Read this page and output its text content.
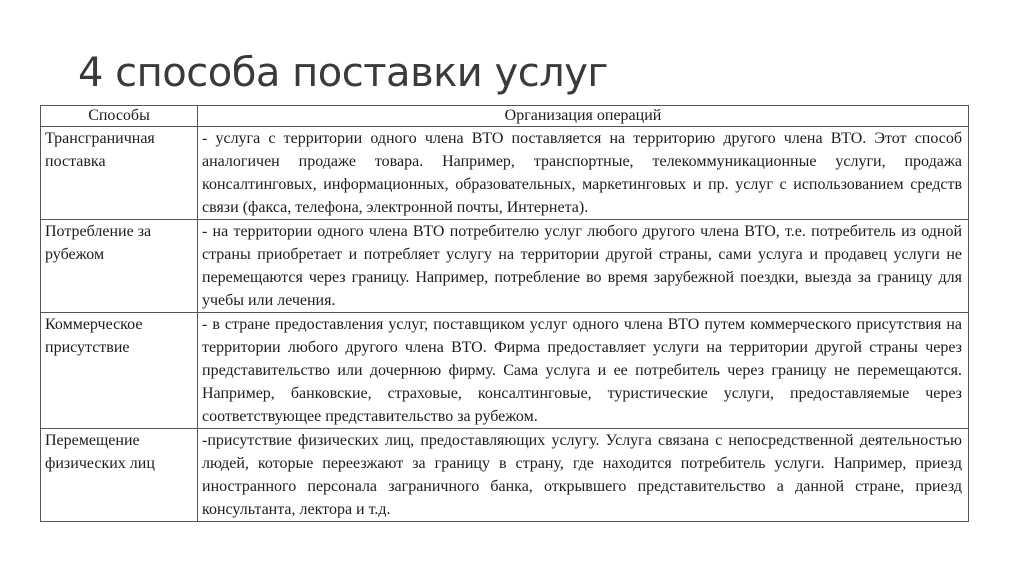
4 способа поставки услуг
Способы	Организация операций
Трансграничная поставка	- услуга с территории одного члена ВТО поставляется на территорию другого члена ВТО. Этот способ аналогичен продаже товара. Например, транспортные, телекоммуникационные услуги, продажа консалтинговых, информационных, образовательных, маркетинговых и пр. услуг с использованием средств связи (факса, телефона, электронной почты, Интернета).
Потребление за рубежом	- на территории одного члена ВТО потребителю услуг любого другого члена ВТО, т.е. потребитель из одной страны приобретает и потребляет услугу на территории другой страны, сами услуга и продавец услуги не перемещаются через границу. Например, потребление во время зарубежной поездки, выезда за границу для учебы или лечения.
Коммерческое присутствие	- в стране предоставления услуг, поставщиком услуг одного члена ВТО путем коммерческого присутствия на территории любого другого члена ВТО. Фирма предоставляет услуги на территории другой страны через представительство или дочернюю фирму. Сама услуга и ее потребитель через границу не перемещаются. Например, банковские, страховые, консалтинговые, туристические услуги, предоставляемые через соответствующее представительство за рубежом.
Перемещение физических лиц	-присутствие физических лиц, предоставляющих услугу. Услуга связана с непосредственной деятельностью людей, которые переезжают за границу в страну, где находится потребитель услуги. Например, приезд иностранного персонала заграничного банка, открывшего представительство а данной стране, приезд консультанта, лектора и т.д.
